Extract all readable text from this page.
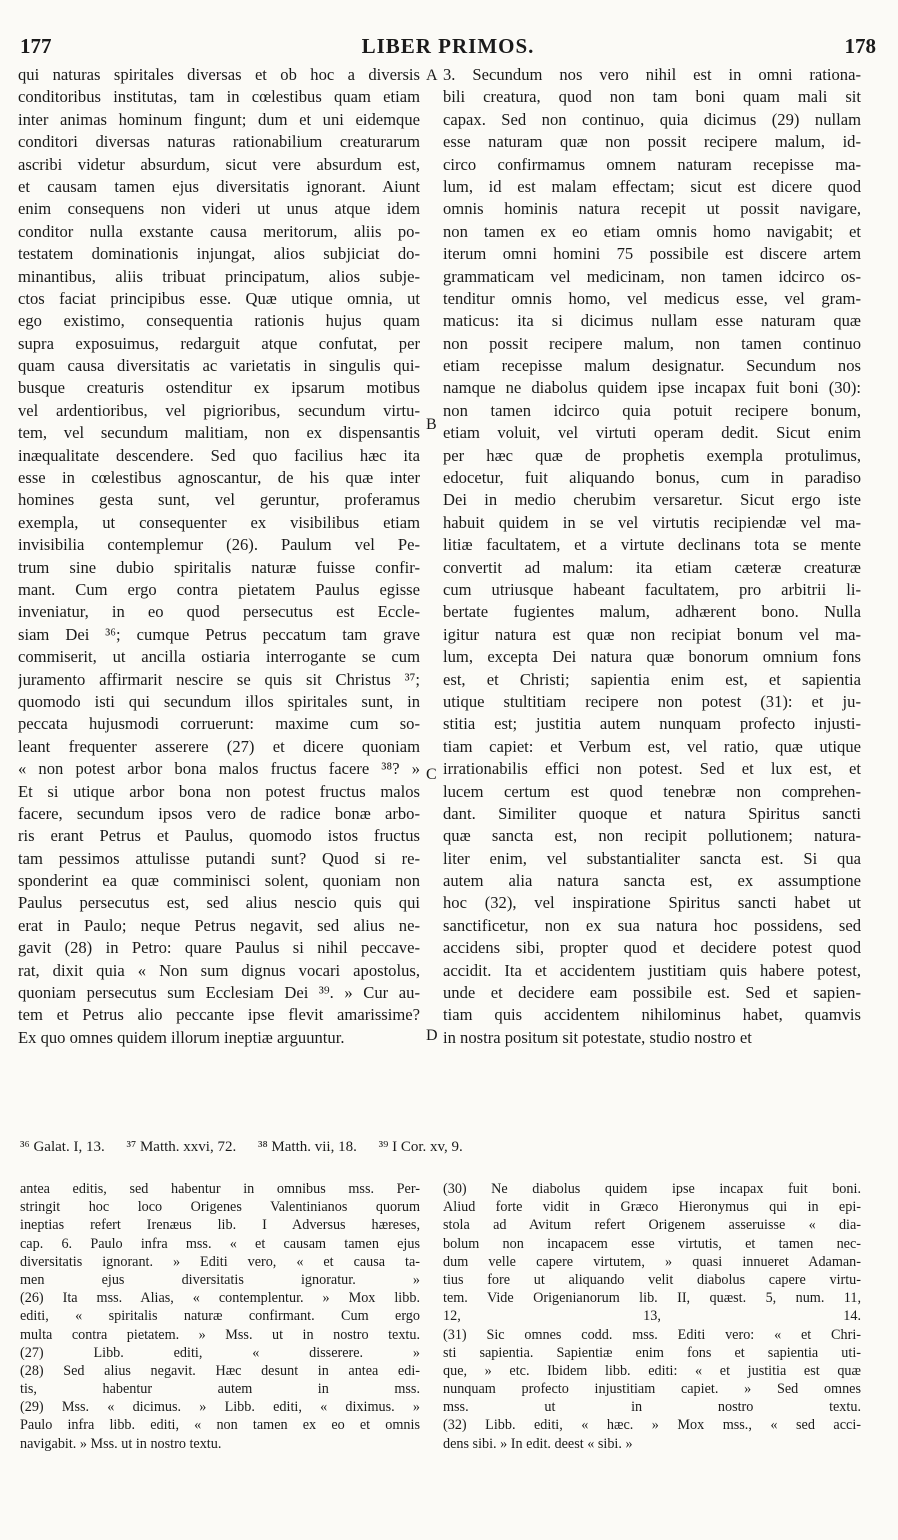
177	LIBER PRIMOS.	178
qui naturas spiritales diversas et ob hoc a diversis
conditoribus institutas, tam in cœlestibus quam etiam
inter animas hominum fingunt; dum et uni eidemque
conditori diversas naturas rationabilium creaturarum
ascribi videtur absurdum, sicut vere absurdum est,
et causam tamen ejus diversitatis ignorant. Aiunt
enim consequens non videri ut unus atque idem
conditor nulla exstante causa meritorum, aliis po-
testatem dominationis injungat, alios subjiciat do-
minantibus, aliis tribuat principatum, alios subje-
ctos faciat principibus esse. Quæ utique omnia, ut
ego existimo, consequentia rationis hujus quam
supra exposuimus, redarguit atque confutat, per
quam causa diversitatis ac varietatis in singulis qui-
busque creaturis ostenditur ex ipsarum motibus
vel ardentioribus, vel pigrioribus, secundum virtu-
tem, vel secundum malitiam, non ex dispensantis
inæqualitate descendere. Sed quo facilius hæc ita
esse in cœlestibus agnoscantur, de his quæ inter
homines gesta sunt, vel geruntur, proferamus
exempla, ut consequenter ex visibilibus etiam
invisibilia contemplemur (26). Paulum vel Pe-
trum sine dubio spiritalis naturæ fuisse confir-
mant. Cum ergo contra pietatem Paulus egisse
inveniatur, in eo quod persecutus est Eccle-
siam Dei ³⁶; cumque Petrus peccatum tam grave
commiserit, ut ancilla ostiaria interrogante se cum
juramento affirmarit nescire se quis sit Christus ³⁷;
quomodo isti qui secundum illos spiritales sunt, in
peccata hujusmodi corruerunt: maxime cum so-
leant frequenter asserere (27) et dicere quoniam
« non potest arbor bona malos fructus facere ³⁸? »
Et si utique arbor bona non potest fructus malos
facere, secundum ipsos vero de radice bonæ arbo-
ris erant Petrus et Paulus, quomodo istos fructus
tam pessimos attulisse putandi sunt? Quod si re-
sponderint ea quæ comminisci solent, quoniam non
Paulus persecutus est, sed alius nescio quis qui
erat in Paulo; neque Petrus negavit, sed alius ne-
gavit (28) in Petro: quare Paulus si nihil peccave-
rat, dixit quia « Non sum dignus vocari apostolus,
quoniam persecutus sum Ecclesiam Dei ³⁹. » Cur au-
tem et Petrus alio peccante ipse flevit amarissime?
Ex quo omnes quidem illorum ineptiæ arguuntur.
3. Secundum nos vero nihil est in omni rationa-
bili creatura, quod non tam boni quam mali sit
capax. Sed non continuo, quia dicimus (29) nullam
esse naturam quæ non possit recipere malum, id-
circo confirmamus omnem naturam recepisse ma-
lum, id est malam effectam; sicut est dicere quod
omnis hominis natura recepit ut possit navigare,
non tamen ex eo etiam omnis homo navigabit; et
iterum omni homini 75 possibile est discere artem
grammaticam vel medicinam, non tamen idcirco os-
tenditur omnis homo, vel medicus esse, vel gram-
maticus: ita si dicimus nullam esse naturam quæ
non possit recipere malum, non tamen continuo
etiam recepisse malum designatur. Secundum nos
namque ne diabolus quidem ipse incapax fuit boni (30):
non tamen idcirco quia potuit recipere bonum,
etiam voluit, vel virtuti operam dedit. Sicut enim
per hæc quæ de prophetis exempla protulimus,
edocetur, fuit aliquando bonus, cum in paradiso
Dei in medio cherubim versaretur. Sicut ergo iste
habuit quidem in se vel virtutis recipiendæ vel ma-
litiæ facultatem, et a virtute declinans tota se mente
convertit ad malum: ita etiam cæteræ creaturæ
cum utriusque habeant facultatem, pro arbitrii li-
bertate fugientes malum, adhærent bono. Nulla
igitur natura est quæ non recipiat bonum vel ma-
lum, excepta Dei natura quæ bonorum omnium fons
est, et Christi; sapientia enim est, et sapientia
utique stultitiam recipere non potest (31): et ju-
stitia est; justitia autem nunquam profecto injusti-
tiam capiet: et Verbum est, vel ratio, quæ utique
irrationabilis effici non potest. Sed et lux est, et
lucem certum est quod tenebræ non comprehen-
dant. Similiter quoque et natura Spiritus sancti
quæ sancta est, non recipit pollutionem; natura-
liter enim, vel substantialiter sancta est. Si qua
autem alia natura sancta est, ex assumptione
hoc (32), vel inspiratione Spiritus sancti habet ut
sanctificetur, non ex sua natura hoc possidens, sed
accidens sibi, propter quod et decidere potest quod
accidit. Ita et accidentem justitiam quis habere potest,
unde et decidere eam possibile est. Sed et sapien-
tiam quis accidentem nihilominus habet, quamvis
in nostra positum sit potestate, studio nostro et
A
B
C
D
³⁶ Galat. I, 13. ³⁷ Matth. xxvi, 72. ³⁸ Matth. vii, 18. ³⁹ I Cor. xv, 9.
antea editis, sed habentur in omnibus mss. Per-
stringit hoc loco Origenes Valentinianos quorum
ineptias refert Irenæus lib. I Adversus hæreses,
cap. 6. Paulo infra mss. « et causam tamen ejus
diversitatis ignorant. » Editi vero, « et causa ta-
men ejus diversitatis ignoratur. »
(26) Ita mss. Alias, « contemplentur. » Mox libb.
editi, « spiritalis naturæ confirmant. Cum ergo
multa contra pietatem. » Mss. ut in nostro textu.
(27) Libb. editi, « disserere. »
(28) Sed alius negavit. Hæc desunt in antea edi-
tis, habentur autem in mss.
(29) Mss. « dicimus. » Libb. editi, « diximus. »
Paulo infra libb. editi, « non tamen ex eo et omnis
navigabit. » Mss. ut in nostro textu.
(30) Ne diabolus quidem ipse incapax fuit boni.
Aliud forte vidit in Græco Hieronymus qui in epi-
stola ad Avitum refert Origenem asseruisse « dia-
bolum non incapacem esse virtutis, et tamen nec-
dum velle capere virtutem, » quasi innueret Adaman-
tius fore ut aliquando velit diabolus capere virtu-
tem. Vide Origenianorum lib. II, quæst. 5, num. 11,
12, 13, 14.
(31) Sic omnes codd. mss. Editi vero: « et Chri-
sti sapientia. Sapientiæ enim fons et sapientia uti-
que, » etc. Ibidem libb. editi: « et justitia est quæ
nunquam profecto injustitiam capiet. » Sed omnes
mss. ut in nostro textu.
(32) Libb. editi, « hæc. » Mox mss., « sed acci-
dens sibi. » In edit. deest « sibi. »
